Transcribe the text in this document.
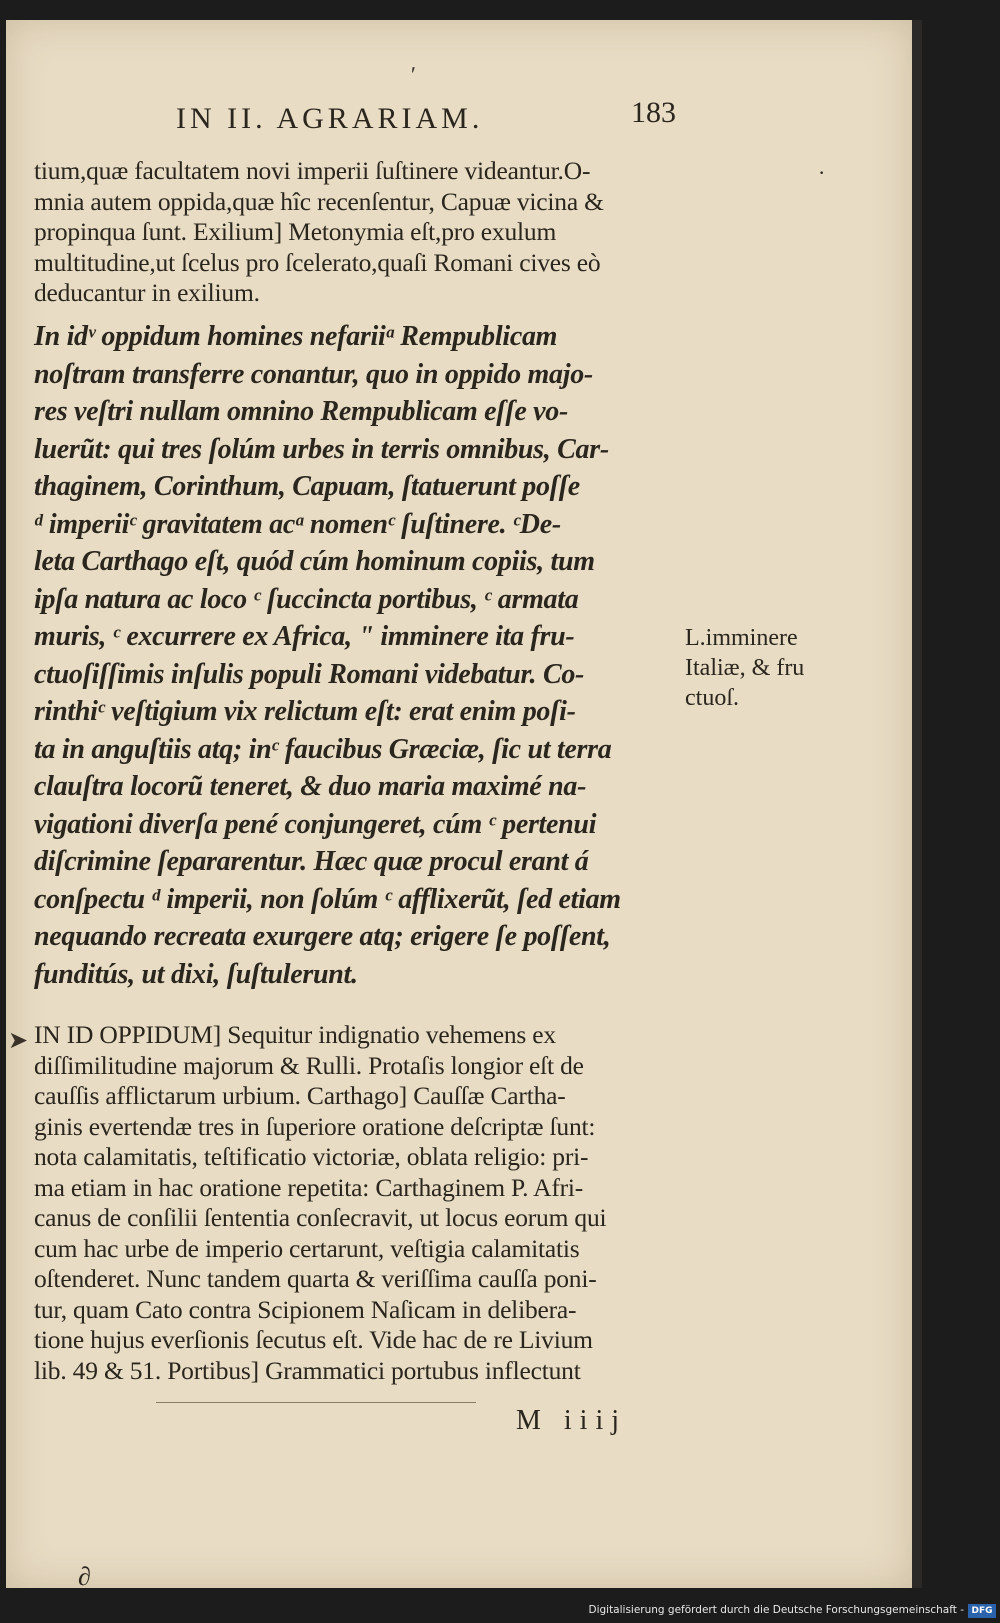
IN II. AGRARIAM.	183
ʹ
·
tium,quæ facultatem novi imperii ſuſtinere videantur.O-
mnia autem oppida,quæ hîc recenſentur, Capuæ vicina &
propinqua ſunt. Exilium] Metonymia eſt,pro exulum
multitudine,ut ſcelus pro ſcelerato,quaſi Romani cives eò
deducantur in exilium.
In idᵛ oppidum homines nefariiᵃ Rempublicam
noſtram transferre conantur, quo in oppido majo-
res veſtri nullam omnino Rempublicam eſſe vo-
luerũt: qui tres ſolúm urbes in terris omnibus, Car-
thaginem, Corinthum, Capuam, ſtatuerunt poſſe
ᵈ imperiiᶜ gravitatem acᵃ nomenᶜ ſuſtinere. ᶜDe-
leta Carthago eſt, quód cúm hominum copiis, tum
ipſa natura ac loco ᶜ ſuccincta portibus, ᶜ armata
muris, ᶜ excurrere ex Africa, ʺ imminere ita fru-
ctuoſiſſimis inſulis populi Romani videbatur. Co-
rinthiᶜ veſtigium vix relictum eſt: erat enim poſi-
ta in anguſtiis atq; inᶜ faucibus Græciæ, ſic ut terra
clauſtra locorũ teneret, & duo maria maximé na-
vigationi diverſa pené conjungeret, cúm ᶜ pertenui
diſcrimine ſepararentur. Hæc quæ procul erant á
conſpectu ᵈ imperii, non ſolúm ᶜ afflixerũt, ſed etiam
nequando recreata exurgere atq; erigere ſe poſſent,
funditús, ut dixi, ſuſtulerunt.
L.imminere
Italiæ, & fru
ctuoſ.
➤ IN ID OPPIDUM] Sequitur indignatio vehemens ex
diſſimilitudine majorum & Rulli. Protaſis longior eſt de
cauſſis afflictarum urbium. Carthago] Cauſſæ Cartha-
ginis evertendæ tres in ſuperiore oratione deſcriptæ ſunt:
nota calamitatis, teſtificatio victoriæ, oblata religio: pri-
ma etiam in hac oratione repetita: Carthaginem P. Afri-
canus de conſilii ſententia conſecravit, ut locus eorum qui
cum hac urbe de imperio certarunt, veſtigia calamitatis
oſtenderet. Nunc tandem quarta & veriſſima cauſſa poni-
tur, quam Cato contra Scipionem Naſicam in delibera-
tione hujus everſionis ſecutus eſt. Vide hac de re Livium
lib. 49 & 51. Portibus] Grammatici portubus inflectunt
M iiij
∂
Digitalisierung gefördert durch die Deutsche Forschungsgemeinschaft - DFG
